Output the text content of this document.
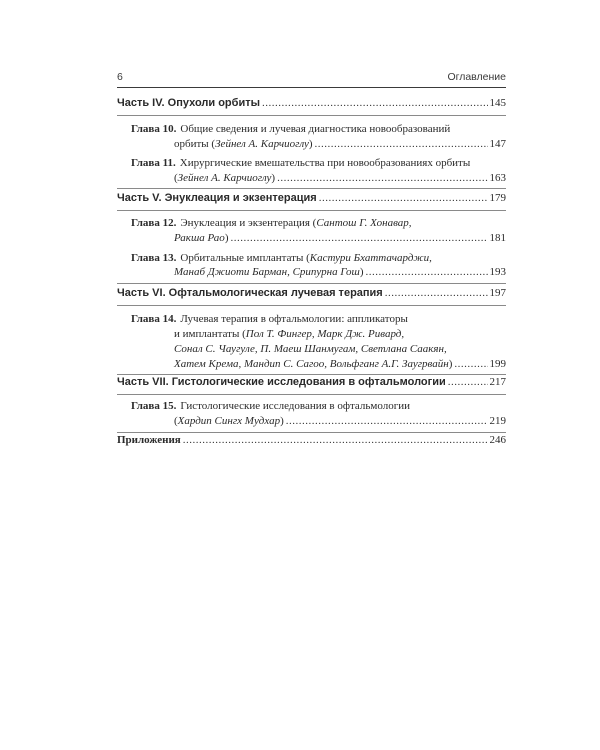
6	Оглавление
Часть IV. Опухоли орбиты .....	145
Глава 10. Общие сведения и лучевая диагностика новообразований
орбиты ( Зейнел А. Карчиоглу ) .....	147
Глава 11. Хирургические вмешательства при новообразованиях орбиты
( Зейнел А. Карчиоглу ) .....	163
Часть V. Энуклеация и экзентерация .....	179
Глава 12. Энуклеация и экзентерация ( Сантош Г. Хонавар,
Ракша Рао ) .....	181
Глава 13. Орбитальные имплантаты ( Кастури Бхаттачарджи,
Манаб Джиоти Барман, Срипурна Гош ) .....	193
Часть VI. Офтальмологическая лучевая терапия .....	197
Глава 14. Лучевая терапия в офтальмологии: аппликаторы
и имплантаты ( Пол Т. Фингер, Марк Дж. Ривард,
Сонал С. Чаугуле, П. Маеш Шанмугам, Светлана Саакян,
Хатем Крема, Мандип С. Сагоо, Вольфганг А.Г. Заугрвайн ) .....	199
Часть VII. Гистологические исследования в офтальмологии .....	217
Глава 15. Гистологические исследования в офтальмологии
( Хардип Сингх Мудхар ) .....	219
Приложения .....	246
